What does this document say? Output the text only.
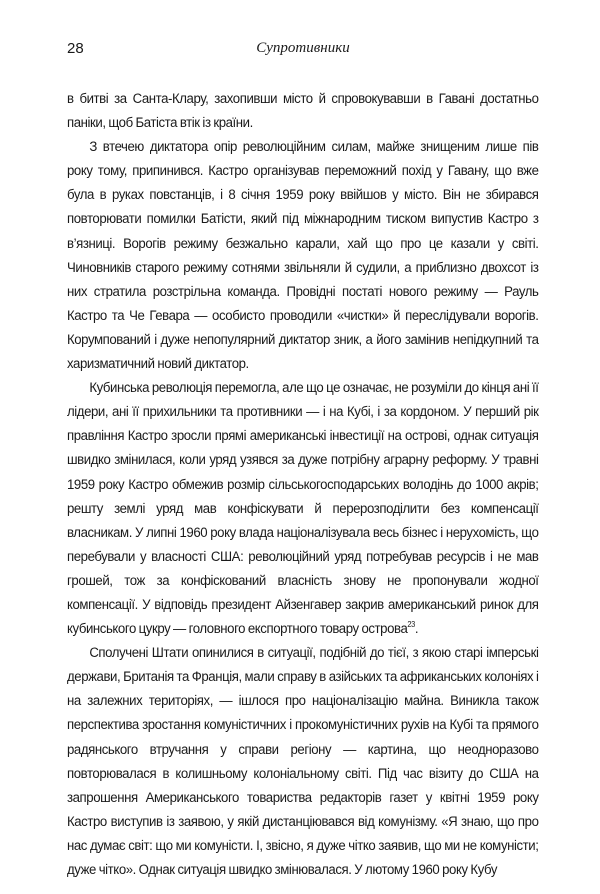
28	Супротивники

в битві за Санта-Клару, захопивши місто й спровокувавши в Гавані достатньо паніки, щоб Батіста втік із країни.

З втечею диктатора опір революційним силам, майже знищеним лише пів року тому, припинився. Кастро організував переможний похід у Гавану, що вже була в руках повстанців, і 8 січня 1959 року ввійшов у місто. Він не збирався повторювати помилки Батісти, який під міжнародним тиском випустив Кастро з в’язниці. Ворогів режиму безжально карали, хай що про це казали у світі. Чиновників старого режиму сотнями звільняли й судили, а приблизно двохсот із них стратила розстрільна команда. Провідні постаті нового режиму — Рауль Кастро та Че Гевара — особисто проводили «чистки» й переслідували ворогів. Корумпований і дуже непопулярний диктатор зник, а його замінив непідкупний та харизматичний новий диктатор.

Кубинська революція перемогла, але що це означає, не розуміли до кінця ані її лідери, ані її прихильники та противники — і на Кубі, і за кордоном. У перший рік правління Кастро зросли прямі американські інвестиції на острові, однак ситуація швидко змінилася, коли уряд узявся за дуже потрібну аграрну реформу. У травні 1959 року Кастро обмежив розмір сільськогосподарських володінь до 1000 акрів; решту землі уряд мав конфіскувати й перерозподілити без компенсації власникам. У липні 1960 року влада націоналізувала весь бізнес і нерухомість, що перебували у власності США: революційний уряд потребував ресурсів і не мав грошей, тож за конфіскований власність знову не пропонували жодної компенсації. У відповідь президент Айзенгавер закрив американський ринок для кубинського цукру — головного експортного товару острова$^{23}$.

Сполучені Штати опинилися в ситуації, подібній до тієї, з якою старі імперські держави, Британія та Франція, мали справу в азійських та африканських колоніях і на залежних територіях, — ішлося про націоналізацію майна. Виникла також перспектива зростання комуністичних і прокомуністичних рухів на Кубі та прямого радянського втручання у справи регіону — картина, що неодноразово повторювалася в колишньому колоніальному світі. Під час візиту до США на запрошення Американського товариства редакторів газет у квітні 1959 року Кастро виступив із заявою, у якій дистанціювався від комунізму. «Я знаю, що про нас думає світ: що ми комуністи. І, звісно, я дуже чітко заявив, що ми не комуністи; дуже чітко». Однак ситуація швидко змінювалася. У лютому 1960 року Кубу
